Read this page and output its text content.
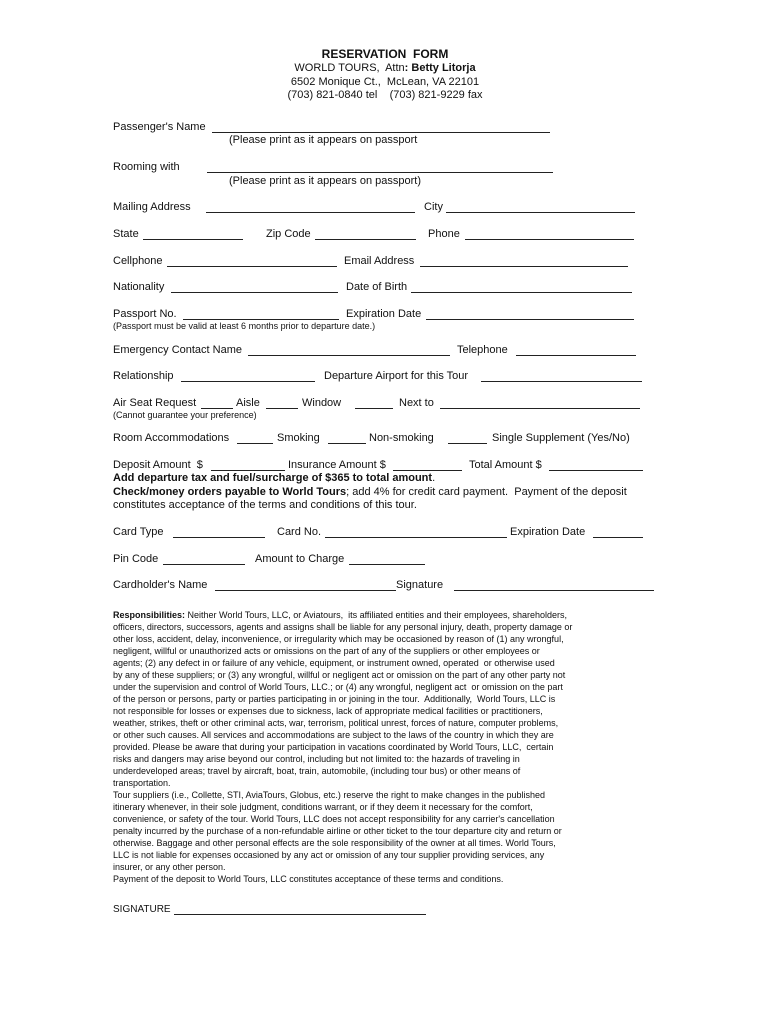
RESERVATION  FORM
WORLD TOURS,  Attn: Betty Litorja
6502 Monique Ct.,  McLean, VA 22101
(703) 821-0840 tel    (703) 821-9229 fax
Passenger's Name
(Please print as it appears on passport
Rooming with
(Please print as it appears on passport)
Mailing Address	City
State	Zip Code	Phone
Cellphone	Email Address
Nationality	Date of Birth
Passport No.	Expiration Date
(Passport must be valid at least 6 months prior to departure date.)
Emergency Contact Name	Telephone
Relationship	Departure Airport for this Tour
Air Seat Request	Aisle	Window	Next to
(Cannot guarantee your preference)
Room Accommodations	Smoking	Non-smoking	Single Supplement (Yes/No)
Deposit Amount  $	Insurance Amount $	Total Amount $
Add departure tax and fuel/surcharge of $365 to total amount.
Check/money orders payable to World Tours; add 4% for credit card payment.  Payment of the deposit
constitutes acceptance of the terms and conditions of this tour.
Card Type	Card No.	Expiration Date
Pin Code	Amount to Charge
Cardholder's Name	Signature
Responsibilities: Neither World Tours, LLC, or Aviatours,  its affiliated entities and their employees, shareholders,
officers, directors, successors, agents and assigns shall be liable for any personal injury, death, property damage or
other loss, accident, delay, inconvenience, or irregularity which may be occasioned by reason of (1) any wrongful,
negligent, willful or unauthorized acts or omissions on the part of any of the suppliers or other employees or
agents; (2) any defect in or failure of any vehicle, equipment, or instrument owned, operated  or otherwise used
by any of these suppliers; or (3) any wrongful, willful or negligent act or omission on the part of any other party not
under the supervision and control of World Tours, LLC.; or (4) any wrongful, negligent act  or omission on the part
of the person or persons, party or parties participating in or joining in the tour.  Additionally,  World Tours, LLC is
not responsible for losses or expenses due to sickness, lack of appropriate medical facilities or practitioners,
weather, strikes, theft or other criminal acts, war, terrorism, political unrest, forces of nature, computer problems,
or other such causes. All services and accommodations are subject to the laws of the country in which they are
provided. Please be aware that during your participation in vacations coordinated by World Tours, LLC,  certain
risks and dangers may arise beyond our control, including but not limited to: the hazards of traveling in
underdeveloped areas; travel by aircraft, boat, train, automobile, (including tour bus) or other means of
transportation.
Tour suppliers (i.e., Collette, STI, AviaTours, Globus, etc.) reserve the right to make changes in the published
itinerary whenever, in their sole judgment, conditions warrant, or if they deem it necessary for the comfort,
convenience, or safety of the tour. World Tours, LLC does not accept responsibility for any carrier's cancellation
penalty incurred by the purchase of a non-refundable airline or other ticket to the tour departure city and return or
otherwise. Baggage and other personal effects are the sole responsibility of the owner at all times. World Tours,
LLC is not liable for expenses occasioned by any act or omission of any tour supplier providing services, any
insurer, or any other person.
Payment of the deposit to World Tours, LLC constitutes acceptance of these terms and conditions.
SIGNATURE
